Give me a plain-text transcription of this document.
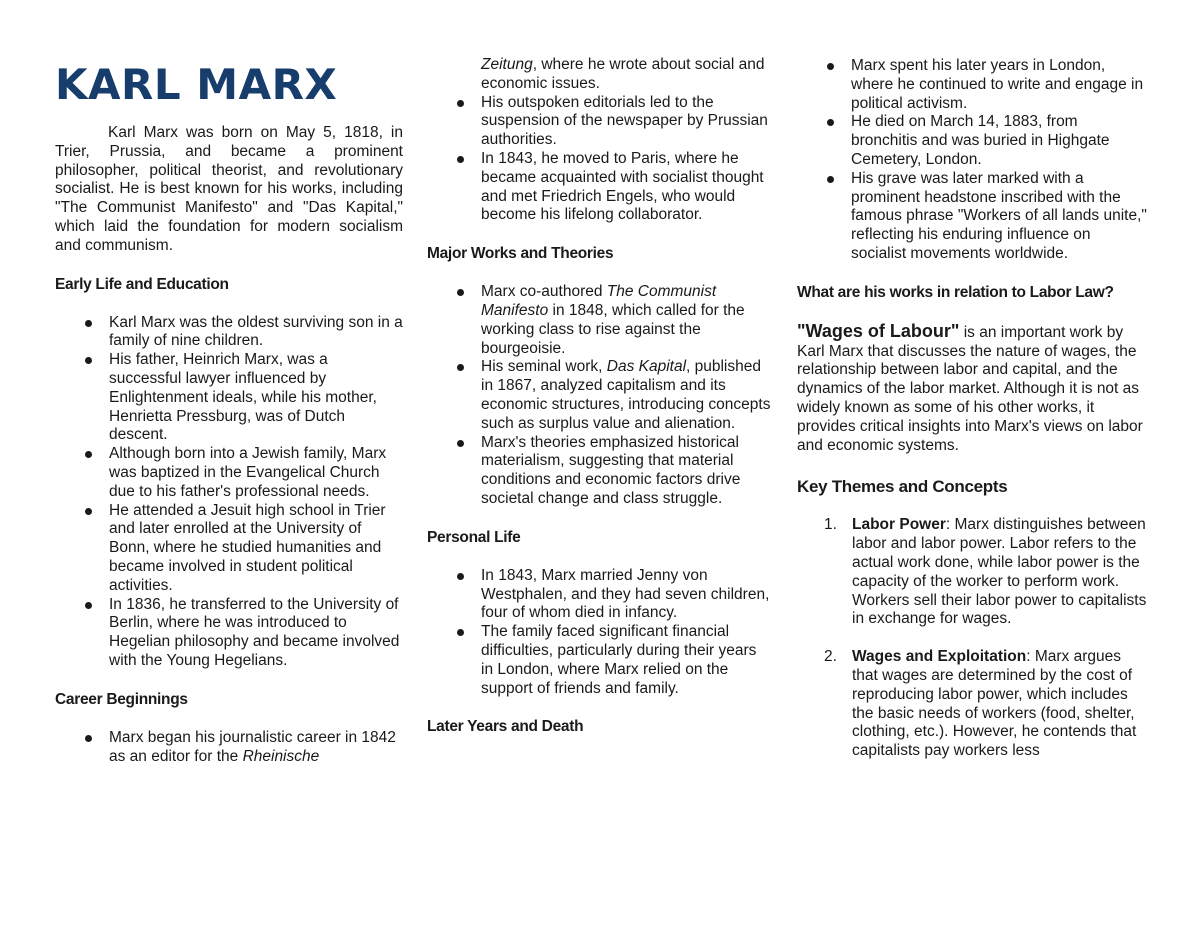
KARL MARX

Karl Marx was born on May 5, 1818, in Trier, Prussia, and became a prominent philosopher, political theorist, and revolutionary socialist. He is best known for his works, including "The Communist Manifesto" and "Das Kapital," which laid the foundation for modern socialism and communism.

Early Life and Education
Karl Marx was the oldest surviving son in a family of nine children.
His father, Heinrich Marx, was a successful lawyer influenced by Enlightenment ideals, while his mother, Henrietta Pressburg, was of Dutch descent.
Although born into a Jewish family, Marx was baptized in the Evangelical Church due to his father's professional needs.
He attended a Jesuit high school in Trier and later enrolled at the University of Bonn, where he studied humanities and became involved in student political activities.
In 1836, he transferred to the University of Berlin, where he was introduced to Hegelian philosophy and became involved with the Young Hegelians.
Career Beginnings
Marx began his journalistic career in 1842 as an editor for the Rheinische

Zeitung, where he wrote about social and economic issues.

His outspoken editorials led to the suspension of the newspaper by Prussian authorities.
In 1843, he moved to Paris, where he became acquainted with socialist thought and met Friedrich Engels, who would become his lifelong collaborator.
Major Works and Theories
Marx co-authored The Communist Manifesto in 1848, which called for the working class to rise against the bourgeoisie.
His seminal work, Das Kapital, published in 1867, analyzed capitalism and its economic structures, introducing concepts such as surplus value and alienation.
Marx's theories emphasized historical materialism, suggesting that material conditions and economic factors drive societal change and class struggle.
Personal Life
In 1843, Marx married Jenny von Westphalen, and they had seven children, four of whom died in infancy.
The family faced significant financial difficulties, particularly during their years in London, where Marx relied on the support of friends and family.
Later Years and Death
Marx spent his later years in London, where he continued to write and engage in political activism.
He died on March 14, 1883, from bronchitis and was buried in Highgate Cemetery, London.
His grave was later marked with a prominent headstone inscribed with the famous phrase "Workers of all lands unite," reflecting his enduring influence on socialist movements worldwide.
What are his works in relation to Labor Law?

"Wages of Labour" is an important work by Karl Marx that discusses the nature of wages, the relationship between labor and capital, and the dynamics of the labor market. Although it is not as widely known as some of his other works, it provides critical insights into Marx's views on labor and economic systems.

Key Themes and Concepts
1. Labor Power: Marx distinguishes between labor and labor power. Labor refers to the actual work done, while labor power is the capacity of the worker to perform work. Workers sell their labor power to capitalists in exchange for wages.
2. Wages and Exploitation: Marx argues that wages are determined by the cost of reproducing labor power, which includes the basic needs of workers (food, shelter, clothing, etc.). However, he contends that capitalists pay workers less
